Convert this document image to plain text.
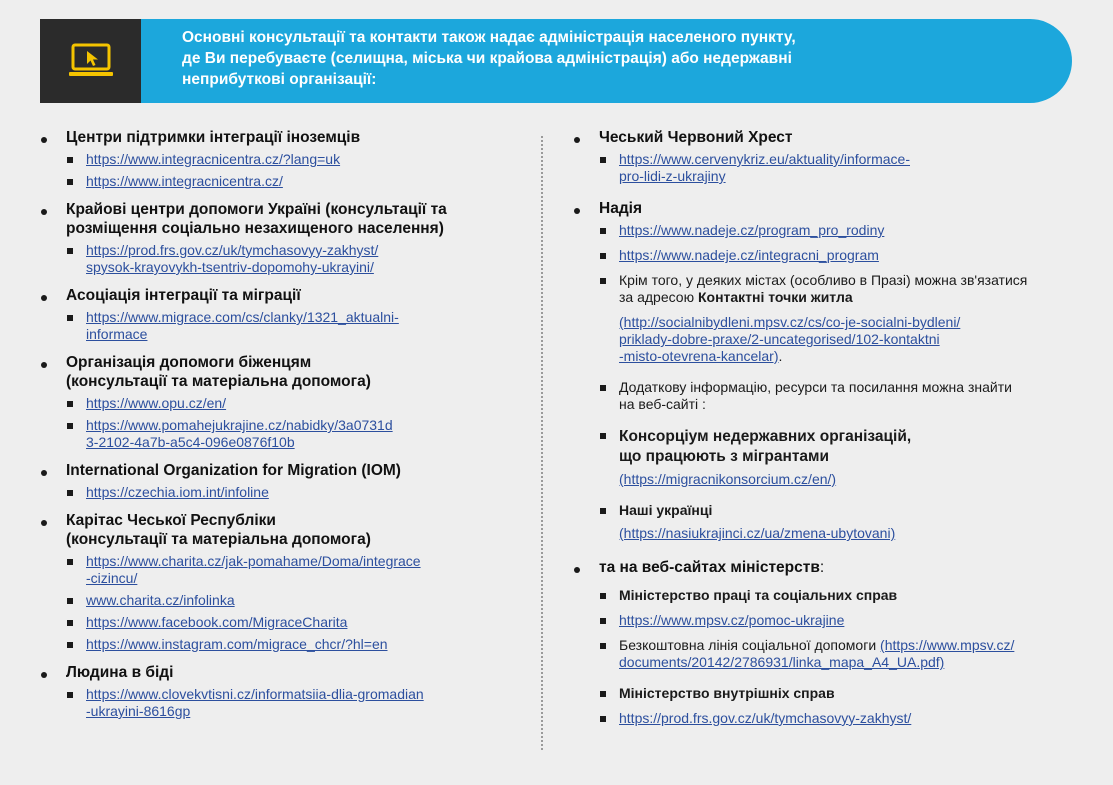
Основні консультації та контакти також надає адміністрація населеного пункту,
де Ви перебуваєте (селищна, міська чи крайова адміністрація) або недержавні
неприбуткові організації:
Центри підтримки інтеграції іноземців
https://www.integracnicentra.cz/?lang=uk
https://www.integracnicentra.cz/
Крайові центри допомоги Україні (консультації та
розміщення соціально незахищеного населення)
https://prod.frs.gov.cz/uk/tymchasovyy-zakhyst/
spysok-krayovykh-tsentriv-dopomohy-ukrayini/
Асоціація інтеграції та міграції
https://www.migrace.com/cs/clanky/1321_aktualni-
informace
Організація допомоги біженцям
(консультації та матеріальна допомога)
https://www.opu.cz/en/
https://www.pomahejukrajine.cz/nabidky/3a0731d
3-2102-4a7b-a5c4-096e0876f10b
International Organization for Migration (IOM)
https://czechia.iom.int/infoline
Карітас Чеської Республіки
(консультації та матеріальна допомога)
https://www.charita.cz/jak-pomahame/Doma/integrace
-cizincu/
www.charita.cz/infolinka
https://www.facebook.com/MigraceCharita
https://www.instagram.com/migrace_chcr/?hl=en
Людина в біді
https://www.clovekvtisni.cz/informatsiia-dlia-gromadian
-ukrayini-8616gp
Чеський Червоний Хрест
https://www.cervenykriz.eu/aktuality/informace-
pro-lidi-z-ukrajiny
Надія
https://www.nadeje.cz/program_pro_rodiny
https://www.nadeje.cz/integracni_program
Крім того, у деяких містах (особливо в Празі) можна зв'язатися
за адресою Контактні точки житла
(http://socialnibydleni.mpsv.cz/cs/co-je-socialni-bydleni/
priklady-dobre-praxe/2-uncategorised/102-kontaktni
-misto-otevrena-kancelar).
Додаткову інформацію, ресурси та посилання можна знайти
на веб-сайті :
Консорціум недержавних організацій,
що працюють з мігрантами
(https://migracnikonsorcium.cz/en/)
Наші українці
(https://nasiukrajinci.cz/ua/zmena-ubytovani)
та на веб-сайтах міністерств:
Міністерство праці та соціальних справ
https://www.mpsv.cz/pomoc-ukrajine
Безкоштовна лінія соціальної допомоги (https://www.mpsv.cz/
documents/20142/2786931/linka_mapa_A4_UA.pdf)
Міністерство внутрішніх справ
https://prod.frs.gov.cz/uk/tymchasovyy-zakhyst/
